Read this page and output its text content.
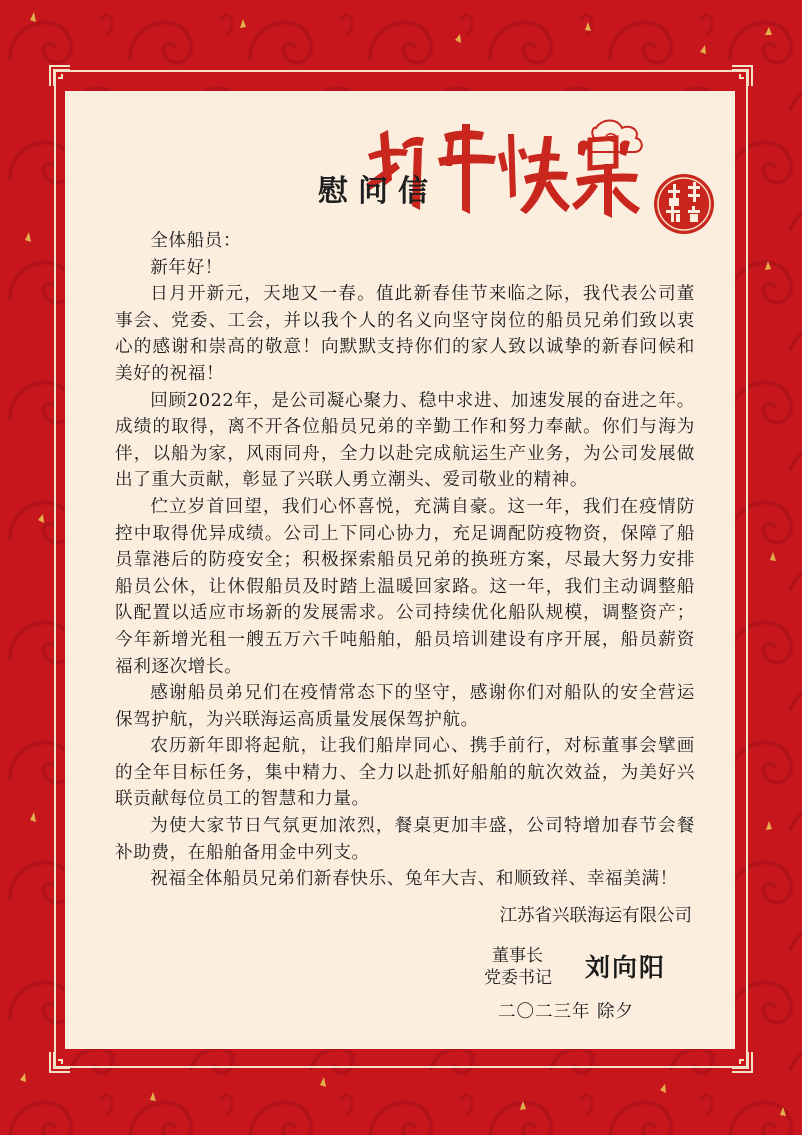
慰问信

全体船员：

新年好！

日月开新元，天地又一春。值此新春佳节来临之际，我代表公司董事会、党委、工会，并以我个人的名义向坚守岗位的船员兄弟们致以衷心的感谢和崇高的敬意！向默默支持你们的家人致以诚挚的新春问候和美好的祝福！

回顾2022年，是公司凝心聚力、稳中求进、加速发展的奋进之年。成绩的取得，离不开各位船员兄弟的辛勤工作和努力奉献。你们与海为伴，以船为家，风雨同舟，全力以赴完成航运生产业务，为公司发展做出了重大贡献，彰显了兴联人勇立潮头、爱司敬业的精神。

伫立岁首回望，我们心怀喜悦，充满自豪。这一年，我们在疫情防控中取得优异成绩。公司上下同心协力，充足调配防疫物资，保障了船员靠港后的防疫安全；积极探索船员兄弟的换班方案，尽最大努力安排船员公休，让休假船员及时踏上温暖回家路。这一年，我们主动调整船队配置以适应市场新的发展需求。公司持续优化船队规模，调整资产；今年新增光租一艘五万六千吨船舶，船员培训建设有序开展，船员薪资福利逐次增长。

感谢船员弟兄们在疫情常态下的坚守，感谢你们对船队的安全营运保驾护航，为兴联海运高质量发展保驾护航。

农历新年即将起航，让我们船岸同心、携手前行，对标董事会擘画的全年目标任务，集中精力、全力以赴抓好船舶的航次效益，为美好兴联贡献每位员工的智慧和力量。

为使大家节日气氛更加浓烈，餐桌更加丰盛，公司特增加春节会餐补助费，在船舶备用金中列支。

祝福全体船员兄弟们新春快乐、兔年大吉、和顺致祥、幸福美满！

江苏省兴联海运有限公司
董事长
党委书记 刘向阳
二〇二三年 除夕
